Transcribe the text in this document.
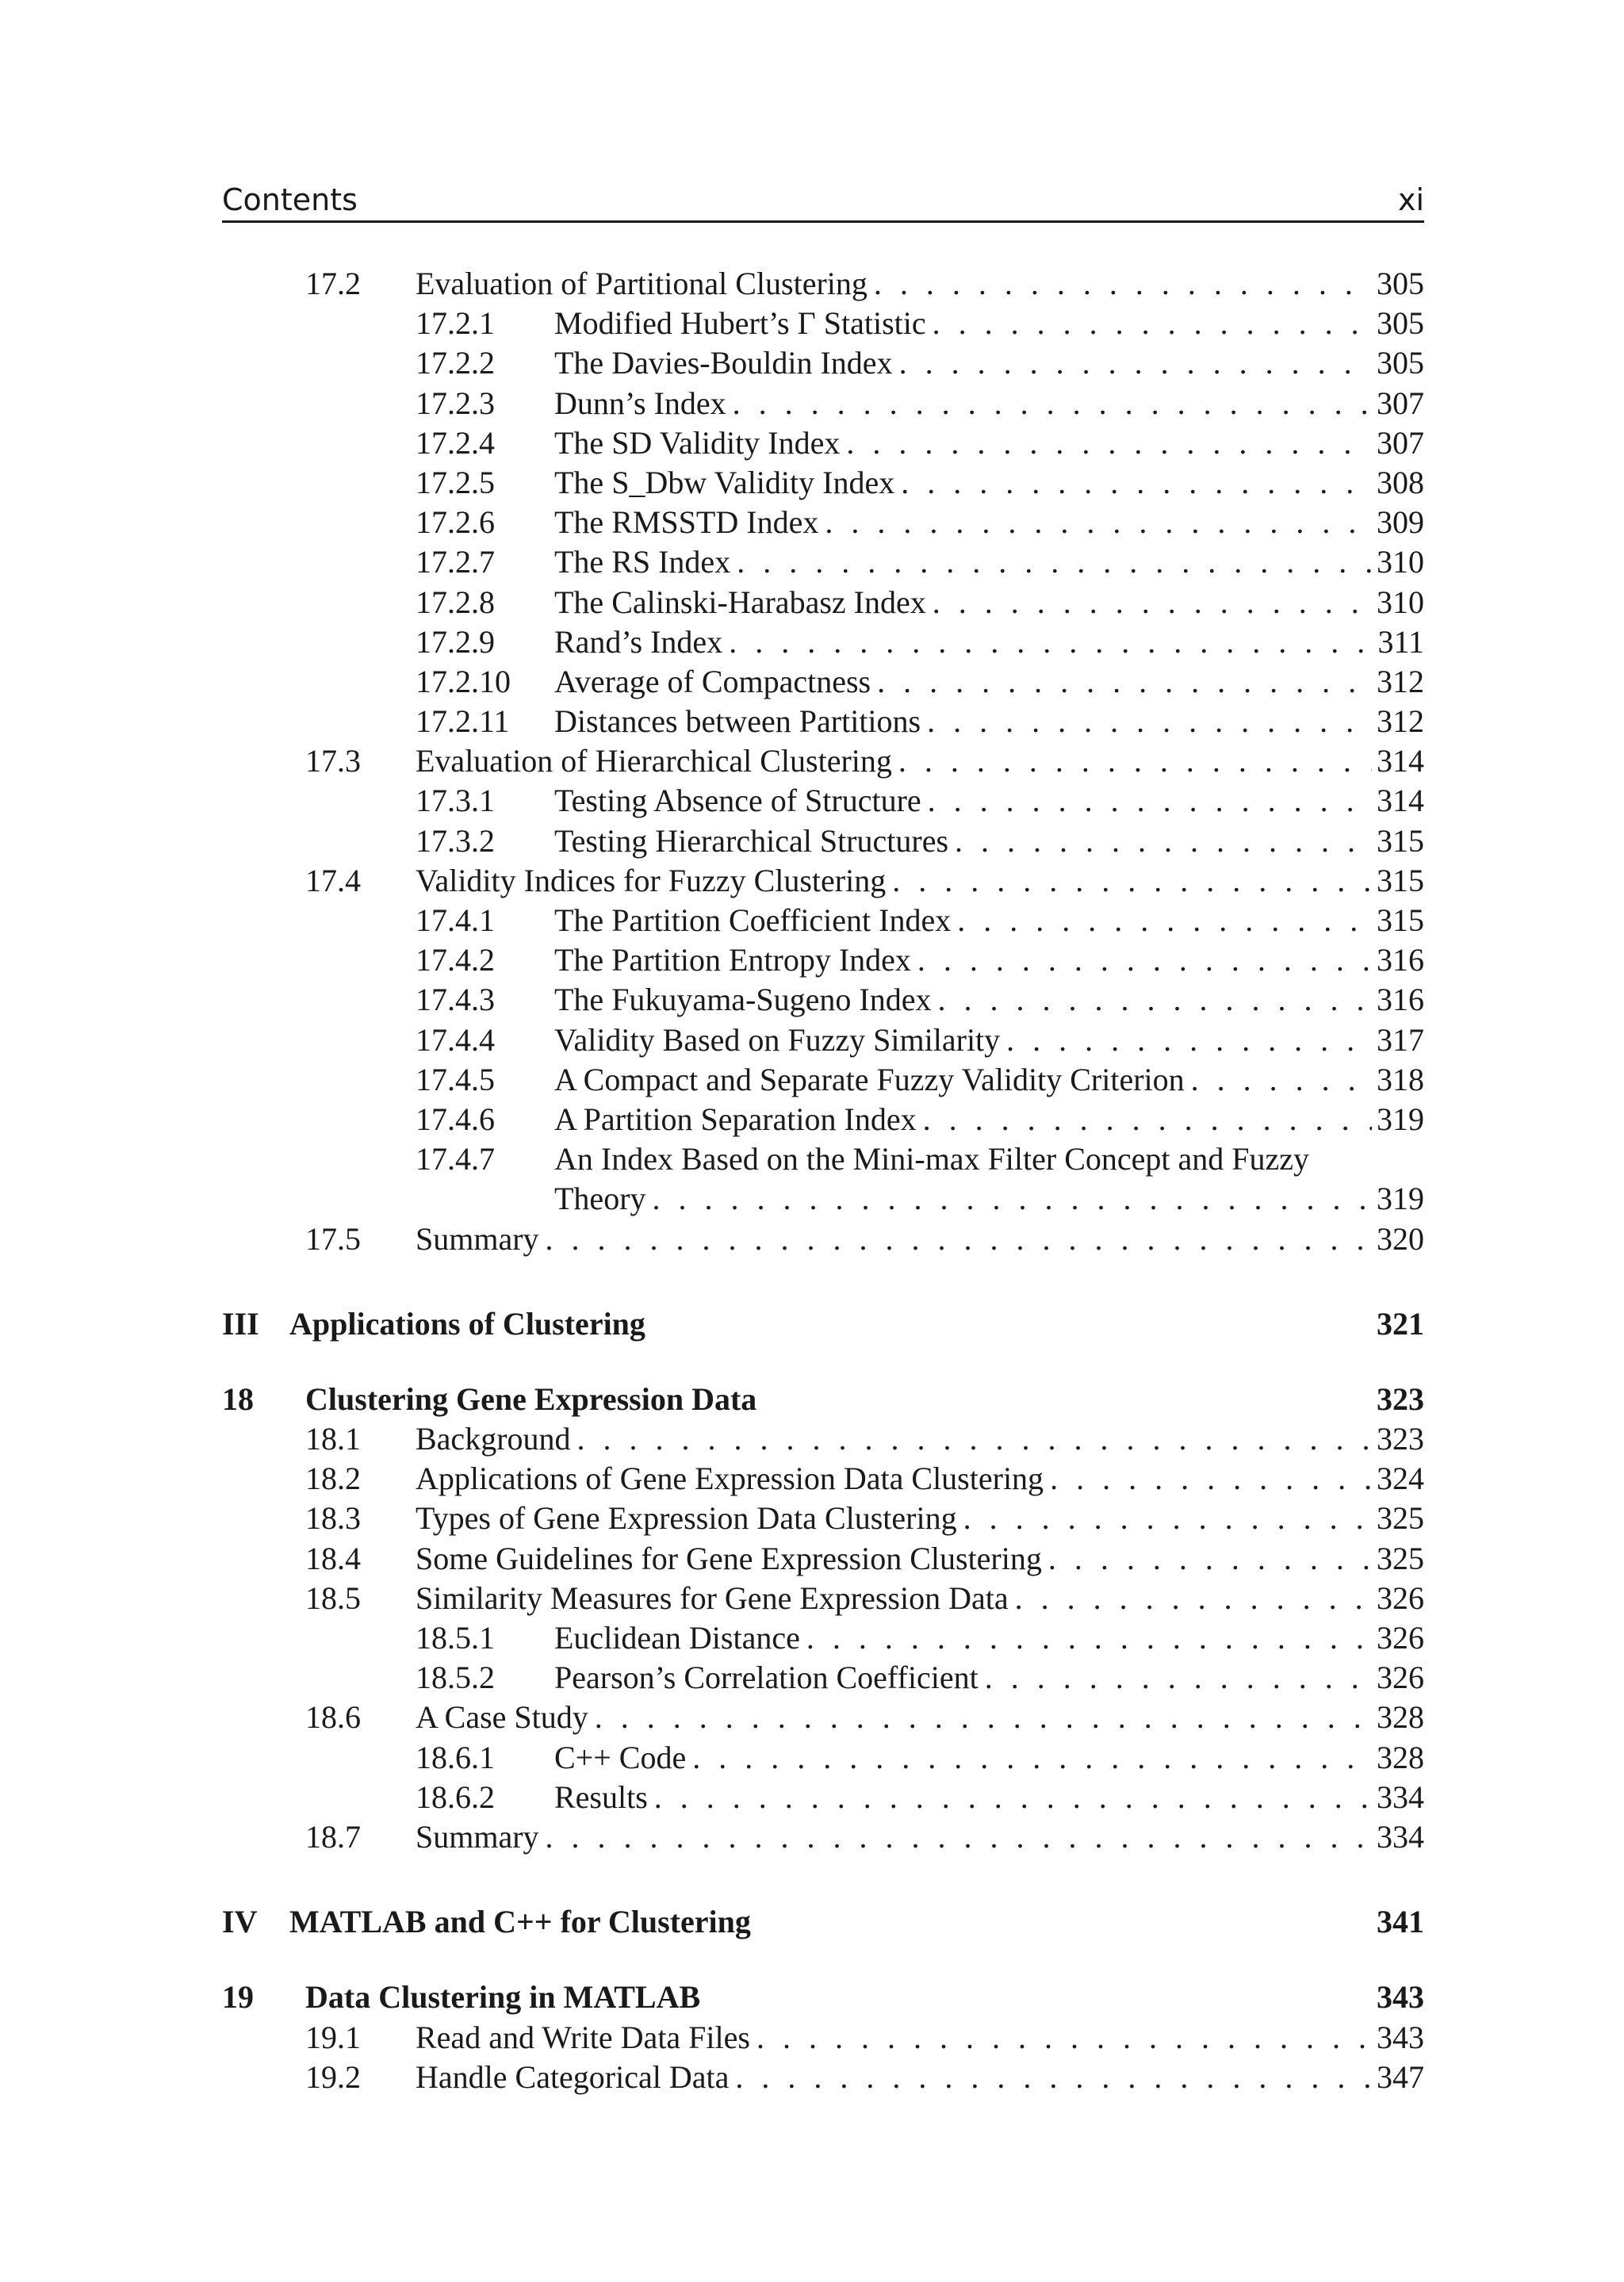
Contents	xi
17.2 Evaluation of Partitional Clustering . . .	305
17.2.1 Modified Hubert’s Γ Statistic . . .	305
17.2.2 The Davies-Bouldin Index . . .	305
17.2.3 Dunn’s Index . . .	307
17.2.4 The SD Validity Index . . .	307
17.2.5 The S_Dbw Validity Index . . .	308
17.2.6 The RMSSTD Index . . .	309
17.2.7 The RS Index . . .	310
17.2.8 The Calinski-Harabasz Index . . .	310
17.2.9 Rand’s Index . . .	311
17.2.10 Average of Compactness . . .	312
17.2.11 Distances between Partitions . . .	312
17.3 Evaluation of Hierarchical Clustering . . .	314
17.3.1 Testing Absence of Structure . . .	314
17.3.2 Testing Hierarchical Structures . . .	315
17.4 Validity Indices for Fuzzy Clustering . . .	315
17.4.1 The Partition Coefficient Index . . .	315
17.4.2 The Partition Entropy Index . . .	316
17.4.3 The Fukuyama-Sugeno Index . . .	316
17.4.4 Validity Based on Fuzzy Similarity . . .	317
17.4.5 A Compact and Separate Fuzzy Validity Criterion . . .	318
17.4.6 A Partition Separation Index . . .	319
17.4.7 An Index Based on the Mini-max Filter Concept and Fuzzy
Theory . . .	319
17.5 Summary . . .	320
III Applications of Clustering	321
18 Clustering Gene Expression Data	323
18.1 Background . . .	323
18.2 Applications of Gene Expression Data Clustering . . .	324
18.3 Types of Gene Expression Data Clustering . . .	325
18.4 Some Guidelines for Gene Expression Clustering . . .	325
18.5 Similarity Measures for Gene Expression Data . . .	326
18.5.1 Euclidean Distance . . .	326
18.5.2 Pearson’s Correlation Coefficient . . .	326
18.6 A Case Study . . .	328
18.6.1 C++ Code . . .	328
18.6.2 Results . . .	334
18.7 Summary . . .	334
IV MATLAB and C++ for Clustering	341
19 Data Clustering in MATLAB	343
19.1 Read and Write Data Files . . .	343
19.2 Handle Categorical Data . . .	347
